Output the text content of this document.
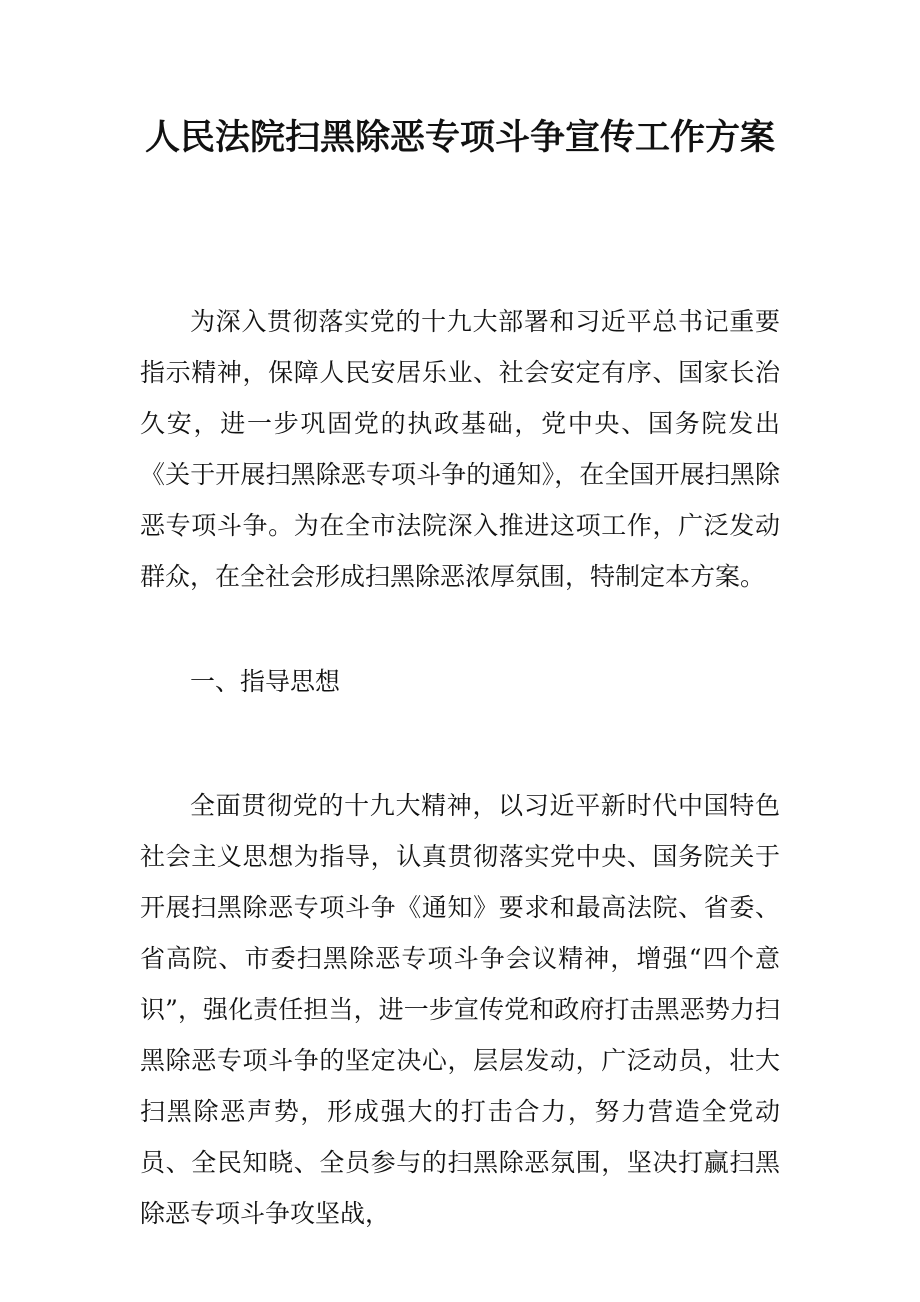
人民法院扫黑除恶专项斗争宣传工作方案

为深入贯彻落实党的十九大部署和习近平总书记重要指示精神，保障人民安居乐业、社会安定有序、国家长治久安，进一步巩固党的执政基础，党中央、国务院发出《关于开展扫黑除恶专项斗争的通知》，在全国开展扫黑除恶专项斗争。为在全市法院深入推进这项工作，广泛发动群众，在全社会形成扫黑除恶浓厚氛围，特制定本方案。

一、指导思想

全面贯彻党的十九大精神，以习近平新时代中国特色社会主义思想为指导，认真贯彻落实党中央、国务院关于开展扫黑除恶专项斗争《通知》要求和最高法院、省委、省高院、市委扫黑除恶专项斗争会议精神，增强“四个意识”，强化责任担当，进一步宣传党和政府打击黑恶势力扫黑除恶专项斗争的坚定决心，层层发动，广泛动员，壮大扫黑除恶声势，形成强大的打击合力，努力营造全党动员、全民知晓、全员参与的扫黑除恶氛围，坚决打赢扫黑除恶专项斗争攻坚战，
